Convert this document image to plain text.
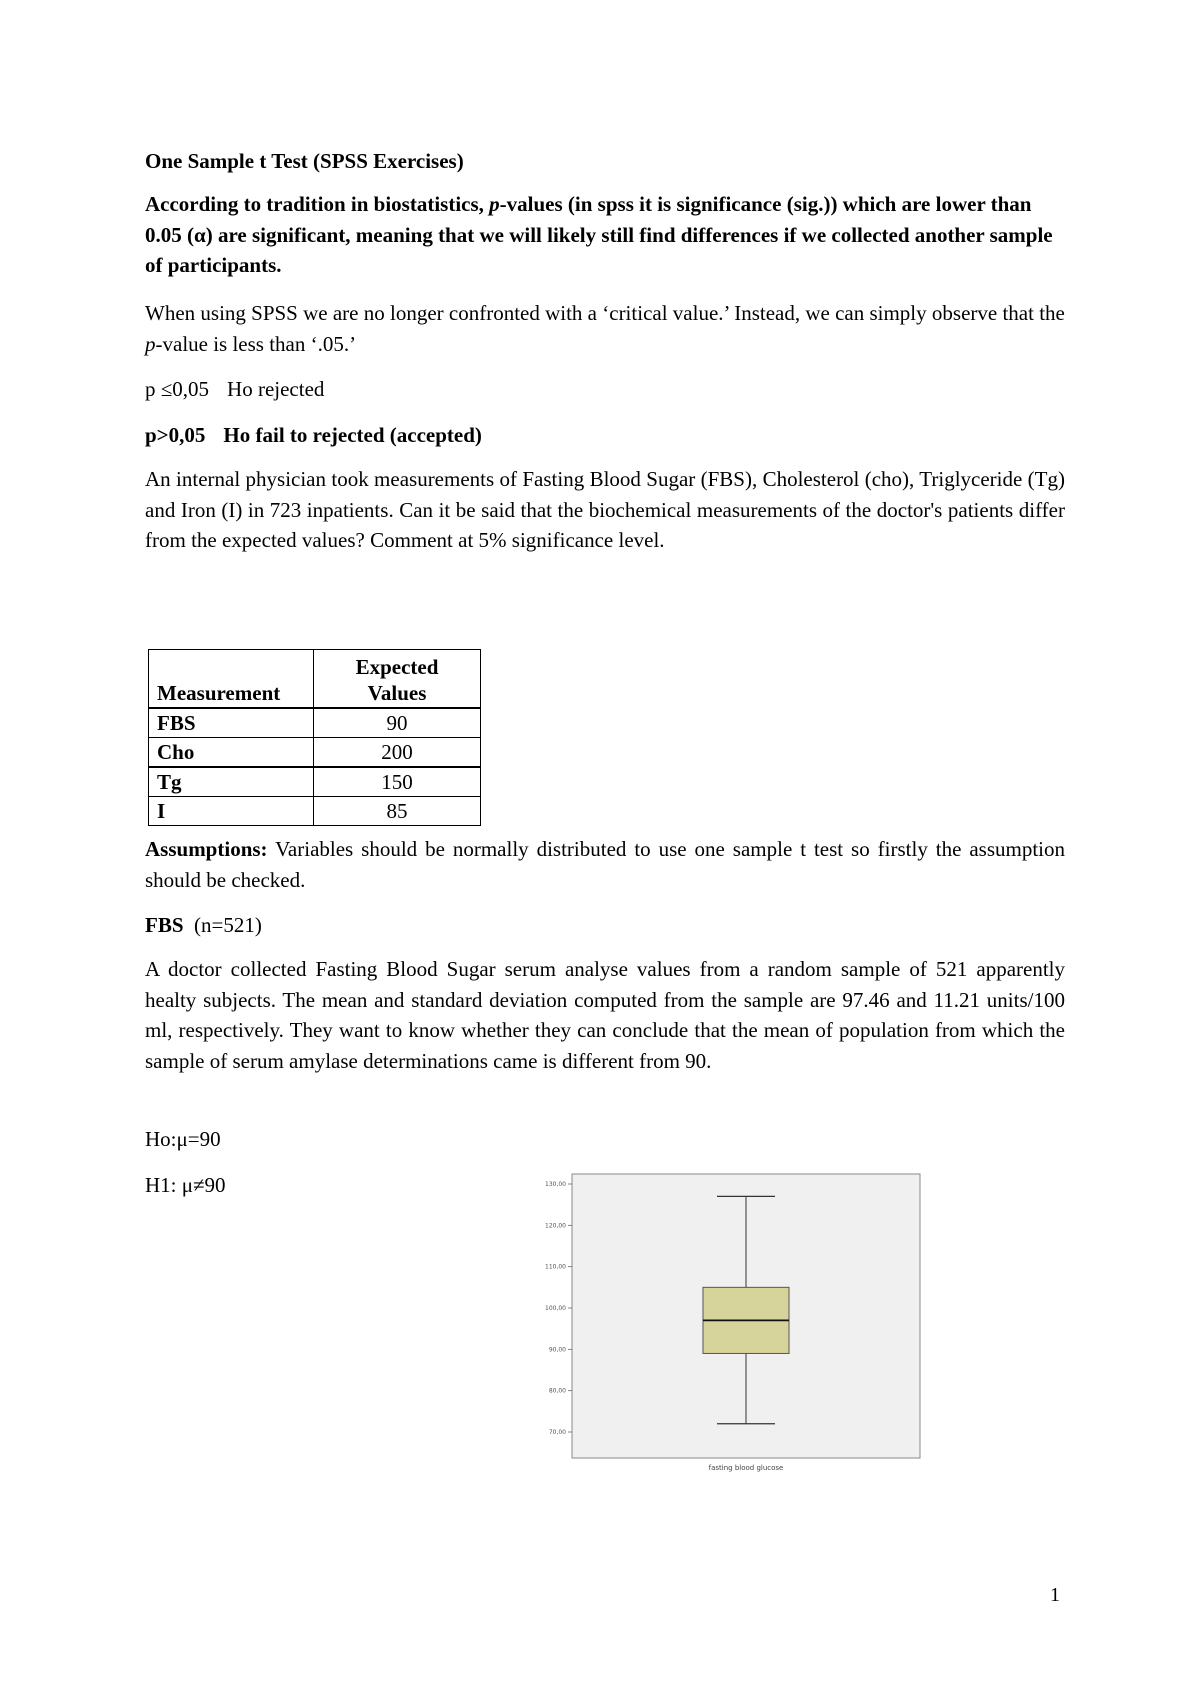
One Sample t Test (SPSS Exercises)

According to tradition in biostatistics, p-values (in spss it is significance (sig.)) which are lower than 0.05 (α) are significant, meaning that we will likely still find differences if we collected another sample of participants.

When using SPSS we are no longer confronted with a ‘critical value.’ Instead, we can simply observe that the p-value is less than ‘.05.’

p ≤0,05 Ho rejected

p>0,05 Ho fail to rejected (accepted)

An internal physician took measurements of Fasting Blood Sugar (FBS), Cholesterol (cho), Triglyceride (Tg) and Iron (I) in 723 inpatients. Can it be said that the biochemical measurements of the doctor's patients differ from the expected values? Comment at 5% significance level.

Measurement	Expected
Values
FBS	90
Cho	200
Tg	150
I	85

Assumptions: Variables should be normally distributed to use one sample t test so firstly the assumption should be checked.

FBS (n=521)

A doctor collected Fasting Blood Sugar serum analyse values from a random sample of 521 apparently healty subjects. The mean and standard deviation computed from the sample are 97.46 and 11.21 units/100 ml, respectively. They want to know whether they can conclude that the mean of population from which the sample of serum amylase determinations came is different from 90.

Ho:μ=90

H1: μ≠90	130,00
120,00
110,00
100,00
90,00
80,00
70,00
fasting blood glucose
1
